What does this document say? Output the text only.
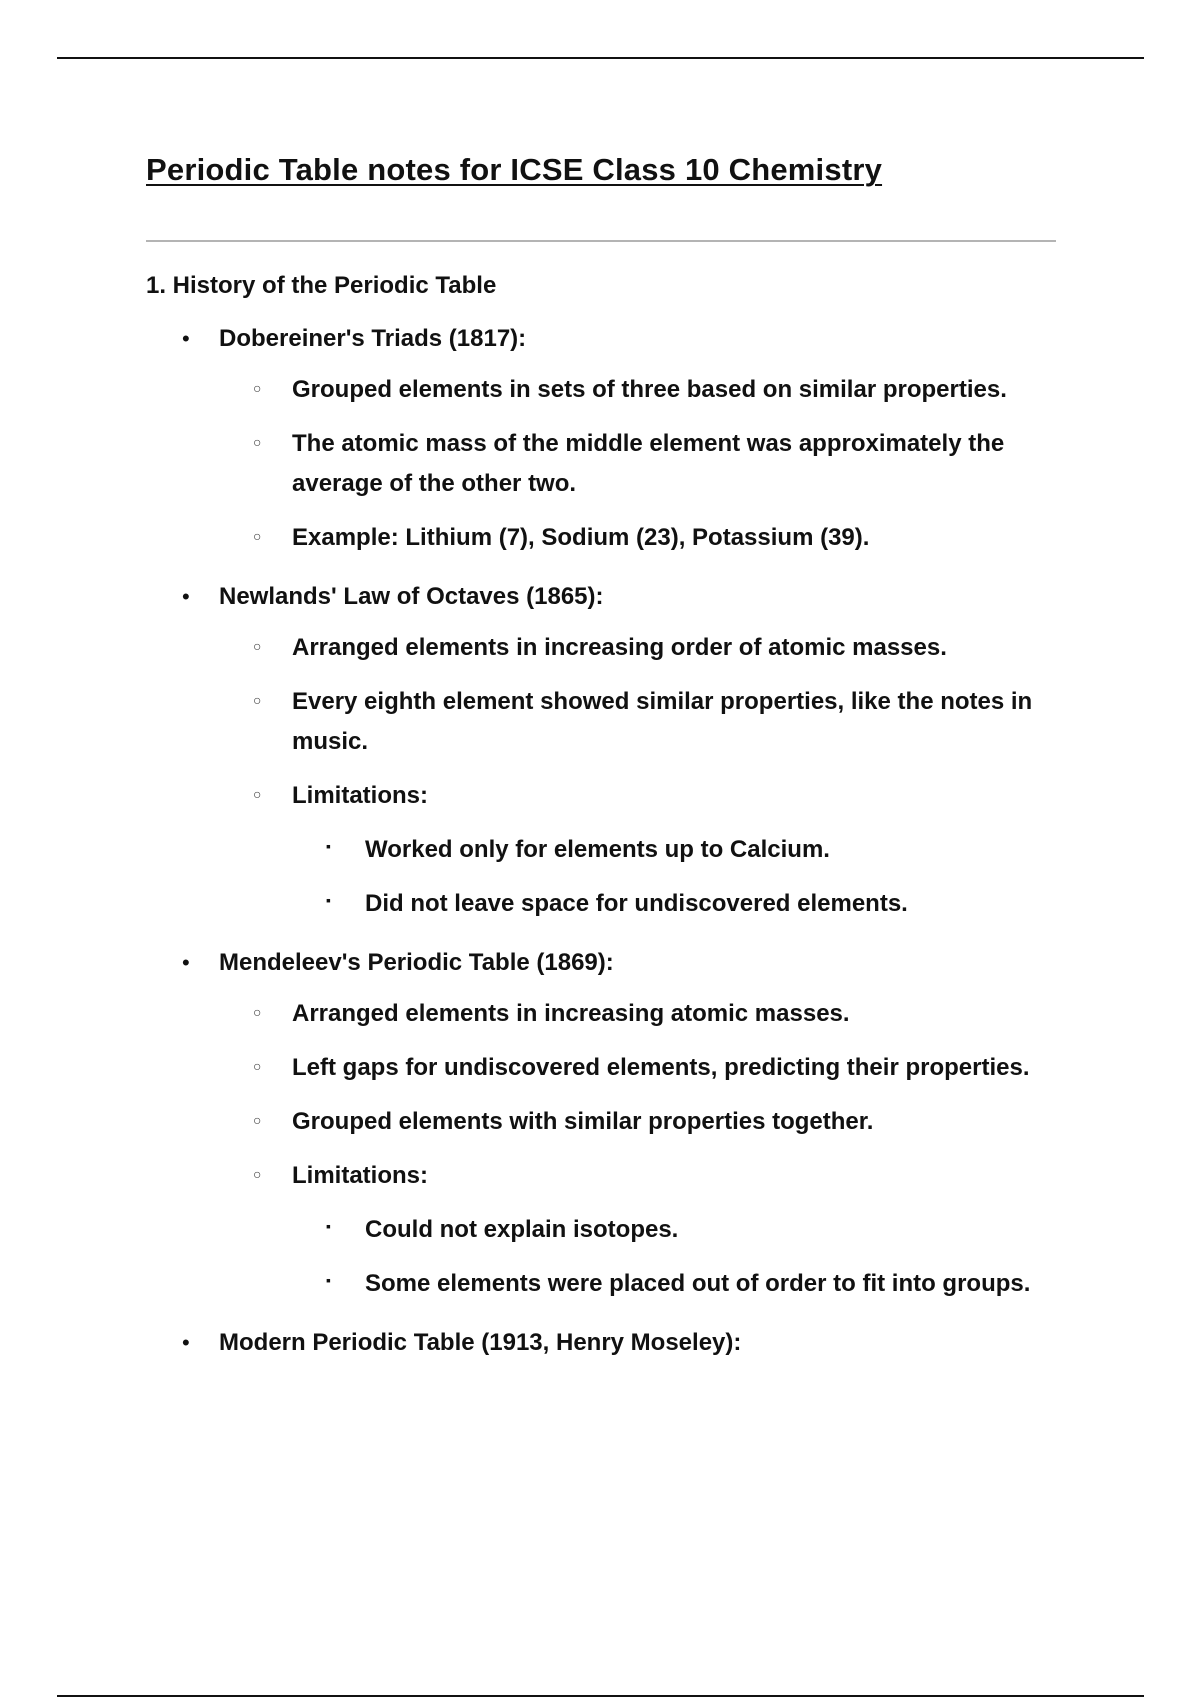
Periodic Table notes for ICSE Class 10 Chemistry
1. History of the Periodic Table
• Dobereiner's Triads (1817):
○ Grouped elements in sets of three based on similar properties.
○ The atomic mass of the middle element was approximately the average of the other two.
○ Example: Lithium (7), Sodium (23), Potassium (39).
• Newlands' Law of Octaves (1865):
○ Arranged elements in increasing order of atomic masses.
○ Every eighth element showed similar properties, like the notes in music.
○ Limitations:
▪ Worked only for elements up to Calcium.
▪ Did not leave space for undiscovered elements.
• Mendeleev's Periodic Table (1869):
○ Arranged elements in increasing atomic masses.
○ Left gaps for undiscovered elements, predicting their properties.
○ Grouped elements with similar properties together.
○ Limitations:
▪ Could not explain isotopes.
▪ Some elements were placed out of order to fit into groups.
• Modern Periodic Table (1913, Henry Moseley):
